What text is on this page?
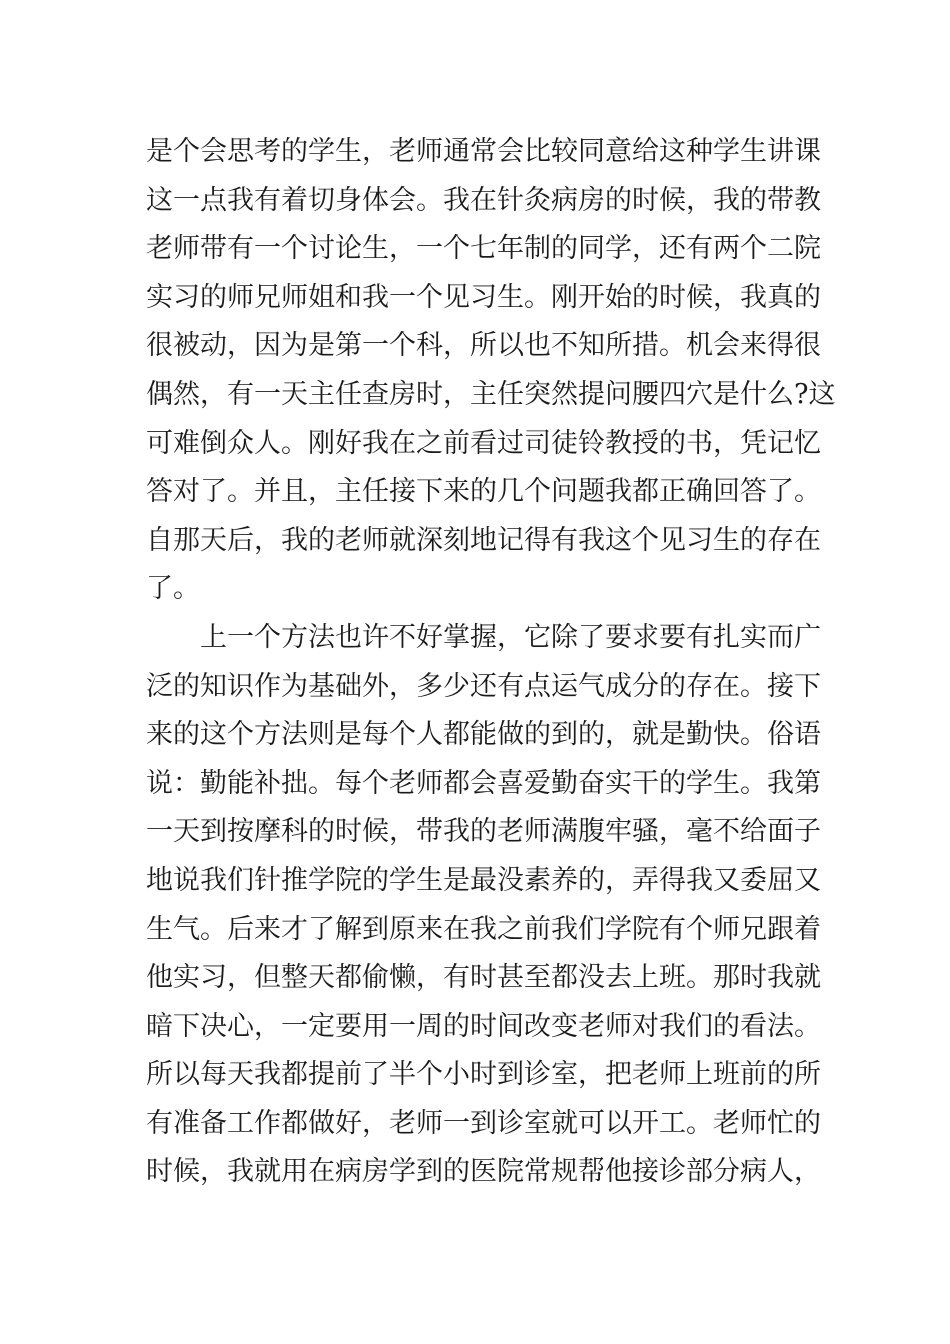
是个会思考的学生，老师通常会比较同意给这种学生讲课
这一点我有着切身体会。我在针灸病房的时候，我的带教
老师带有一个讨论生，一个七年制的同学，还有两个二院
实习的师兄师姐和我一个见习生。刚开始的时候，我真的
很被动，因为是第一个科，所以也不知所措。机会来得很
偶然，有一天主任查房时，主任突然提问腰四穴是什么?这
可难倒众人。刚好我在之前看过司徒铃教授的书，凭记忆
答对了。并且，主任接下来的几个问题我都正确回答了。
自那天后，我的老师就深刻地记得有我这个见习生的存在
了。
上一个方法也许不好掌握，它除了要求要有扎实而广
泛的知识作为基础外，多少还有点运气成分的存在。接下
来的这个方法则是每个人都能做的到的，就是勤快。俗语
说：勤能补拙。每个老师都会喜爱勤奋实干的学生。我第
一天到按摩科的时候，带我的老师满腹牢骚，毫不给面子
地说我们针推学院的学生是最没素养的，弄得我又委屈又
生气。后来才了解到原来在我之前我们学院有个师兄跟着
他实习，但整天都偷懒，有时甚至都没去上班。那时我就
暗下决心，一定要用一周的时间改变老师对我们的看法。
所以每天我都提前了半个小时到诊室，把老师上班前的所
有准备工作都做好，老师一到诊室就可以开工。老师忙的
时候，我就用在病房学到的医院常规帮他接诊部分病人，
